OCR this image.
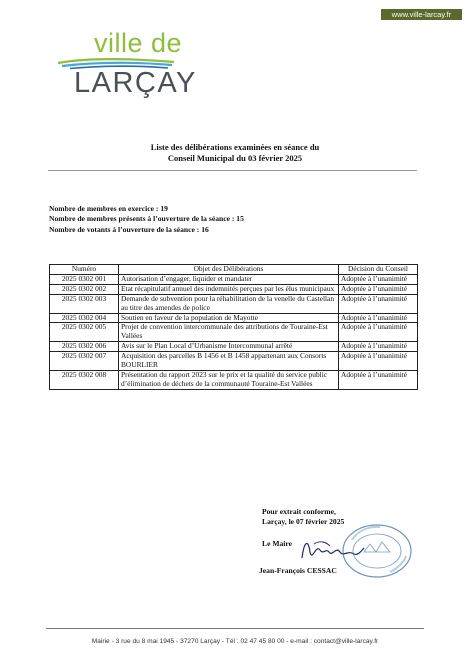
www.ville-larcay.fr
ville de
LARÇAY
Liste des délibérations examinées en séance du
Conseil Municipal du 03 février 2025
Nombre de membres en exercice : 19
Nombre de membres présents à l’ouverture de la séance : 15
Nombre de votants à l’ouverture de la séance : 16
Numéro	Objet des Délibérations	Décision du Conseil
2025 0302 001	Autorisation d’engager, liquider et mandater	Adoptée à l’unanimité
2025 0302 002	Etat récapitulatif annuel des indemnités perçues par les élus municipaux	Adoptée à l’unanimité
2025 0302 003	Demande de subvention pour la réhabilitation de la venelle du Castellan au titre des amendes de police	Adoptée à l’unanimité
2025 0302 004	Soutien en faveur de la population de Mayotte	Adoptée à l’unanimité
2025 0302 005	Projet de convention intercommunale des attributions de Touraine-Est Vallées	Adoptée à l’unanimité
2025 0302 006	Avis sur le Plan Local d’Urbanisme Intercommunal arrêté	Adoptée à l’unanimité
2025 0302 007	Acquisition des parcelles B 1456 et B 1458 appartenant aux Consorts BOURLIER	Adoptée à l’unanimité
2025 0302 008	Présentation du rapport 2023 sur le prix et la qualité du service public d’élimination de déchets de la communauté Touraine-Est Vallées	Adoptée à l’unanimité
Pour extrait conforme,
Larçay, le 07 février 2025
Le Maire
Jean-François CESSAC
Mairie - 3 rue du 8 mai 1945 - 37270 Larçay - Tél : 02 47 45 80 00 - e-mail : contact@ville-larcay.fr
